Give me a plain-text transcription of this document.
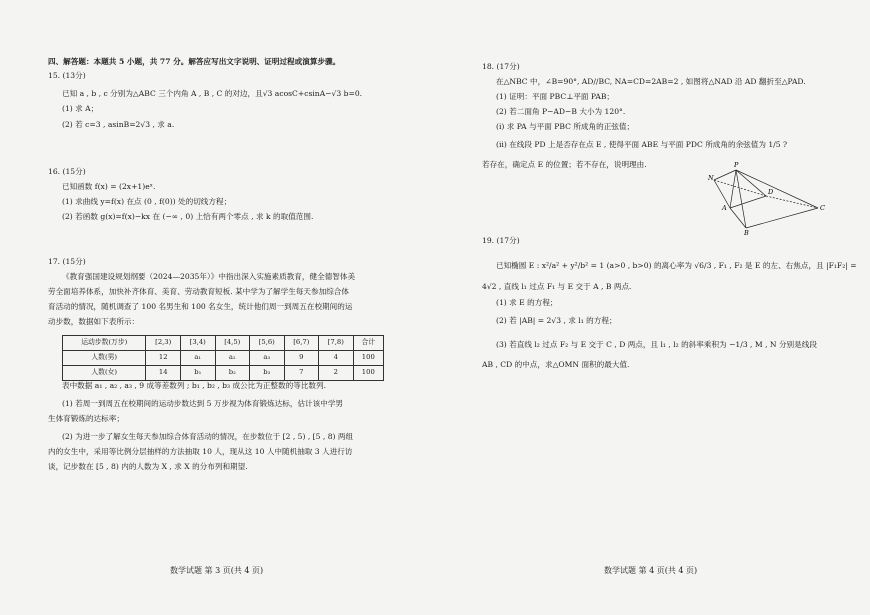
四、解答题：本题共 5 小题，共 77 分。解答应写出文字说明、证明过程或演算步骤。
15. (13分)
已知 a , b , c 分别为△ABC 三个内角 A , B , C 的对边，且√3 acosC+csinA−√3 b=0.
(1) 求 A；
(2) 若 c=3 , asinB=2√3 , 求 a.
16. (15分)
已知函数 f(x) = (2x+1)eˣ.
(1) 求曲线 y=f(x) 在点 (0 , f(0)) 处的切线方程；
(2) 若函数 g(x)=f(x)−kx 在 (−∞ , 0) 上恰有两个零点 , 求 k 的取值范围.
17. (15分)
《教育强国建设规划纲要（2024—2035年）》中指出深入实施素质教育，健全德智体美
劳全面培养体系，加快补齐体育、美育、劳动教育短板. 某中学为了解学生每天参加综合体
育活动的情况，随机调查了 100 名男生和 100 名女生，统计他们周一到周五在校期间的运
动步数，数据如下表所示：
运动步数(万步)	[2,3)	[3,4)	[4,5)	[5,6)	[6,7)	[7,8)	合计
人数(男)	12	a₁	a₂	a₃	9	4	100
人数(女)	14	b₁	b₂	b₃	7	2	100
表中数据 a₁ , a₂ , a₃ , 9 成等差数列 ; b₁ , b₂ , b₃ 成公比为正整数的等比数列.
(1) 若周一到周五在校期间的运动步数达到 5 万步视为体育锻炼达标，估计该中学男
生体育锻炼的达标率；
(2) 为进一步了解女生每天参加综合体育活动的情况，在步数位于 [2 , 5) , [5 , 8) 两组
内的女生中，采用等比例分层抽样的方法抽取 10 人，现从这 10 人中随机抽取 3 人进行访
谈，记步数在 [5 , 8) 内的人数为 X , 求 X 的分布列和期望.
数学试题 第 3 页(共 4 页)
18. (17分)
在△NBC 中，∠B=90°, AD//BC, NA=CD=2AB=2 , 如图将△NAD 沿 AD 翻折至△PAD.
(1) 证明：平面 PBC⊥平面 PAB；
(2) 若二面角 P−AD−B 大小为 120°.
(ⅰ) 求 PA 与平面 PBC 所成角的正弦值；
(ⅱ) 在线段 PD 上是否存在点 E , 使得平面 ABE 与平面 PDC 所成角的余弦值为 1/5 ?
若存在，确定点 E 的位置；若不存在，说明理由.	P
N
D
A	C
B
19. (17分)
已知椭圆 E : x²/a² + y²/b² = 1 (a>0 , b>0) 的离心率为 √6/3 , F₁ , F₂ 是 E 的左、右焦点，且 |F₁F₂| =
4√2 , 直线 l₁ 过点 F₁ 与 E 交于 A , B 两点.
(1) 求 E 的方程；
(2) 若 |AB| = 2√3 , 求 l₁ 的方程；
(3) 若直线 l₂ 过点 F₂ 与 E 交于 C , D 两点，且 l₁ , l₂ 的斜率乘积为 −1/3 , M , N 分别是线段
AB , CD 的中点，求△OMN 面积的最大值.
数学试题 第 4 页(共 4 页)
